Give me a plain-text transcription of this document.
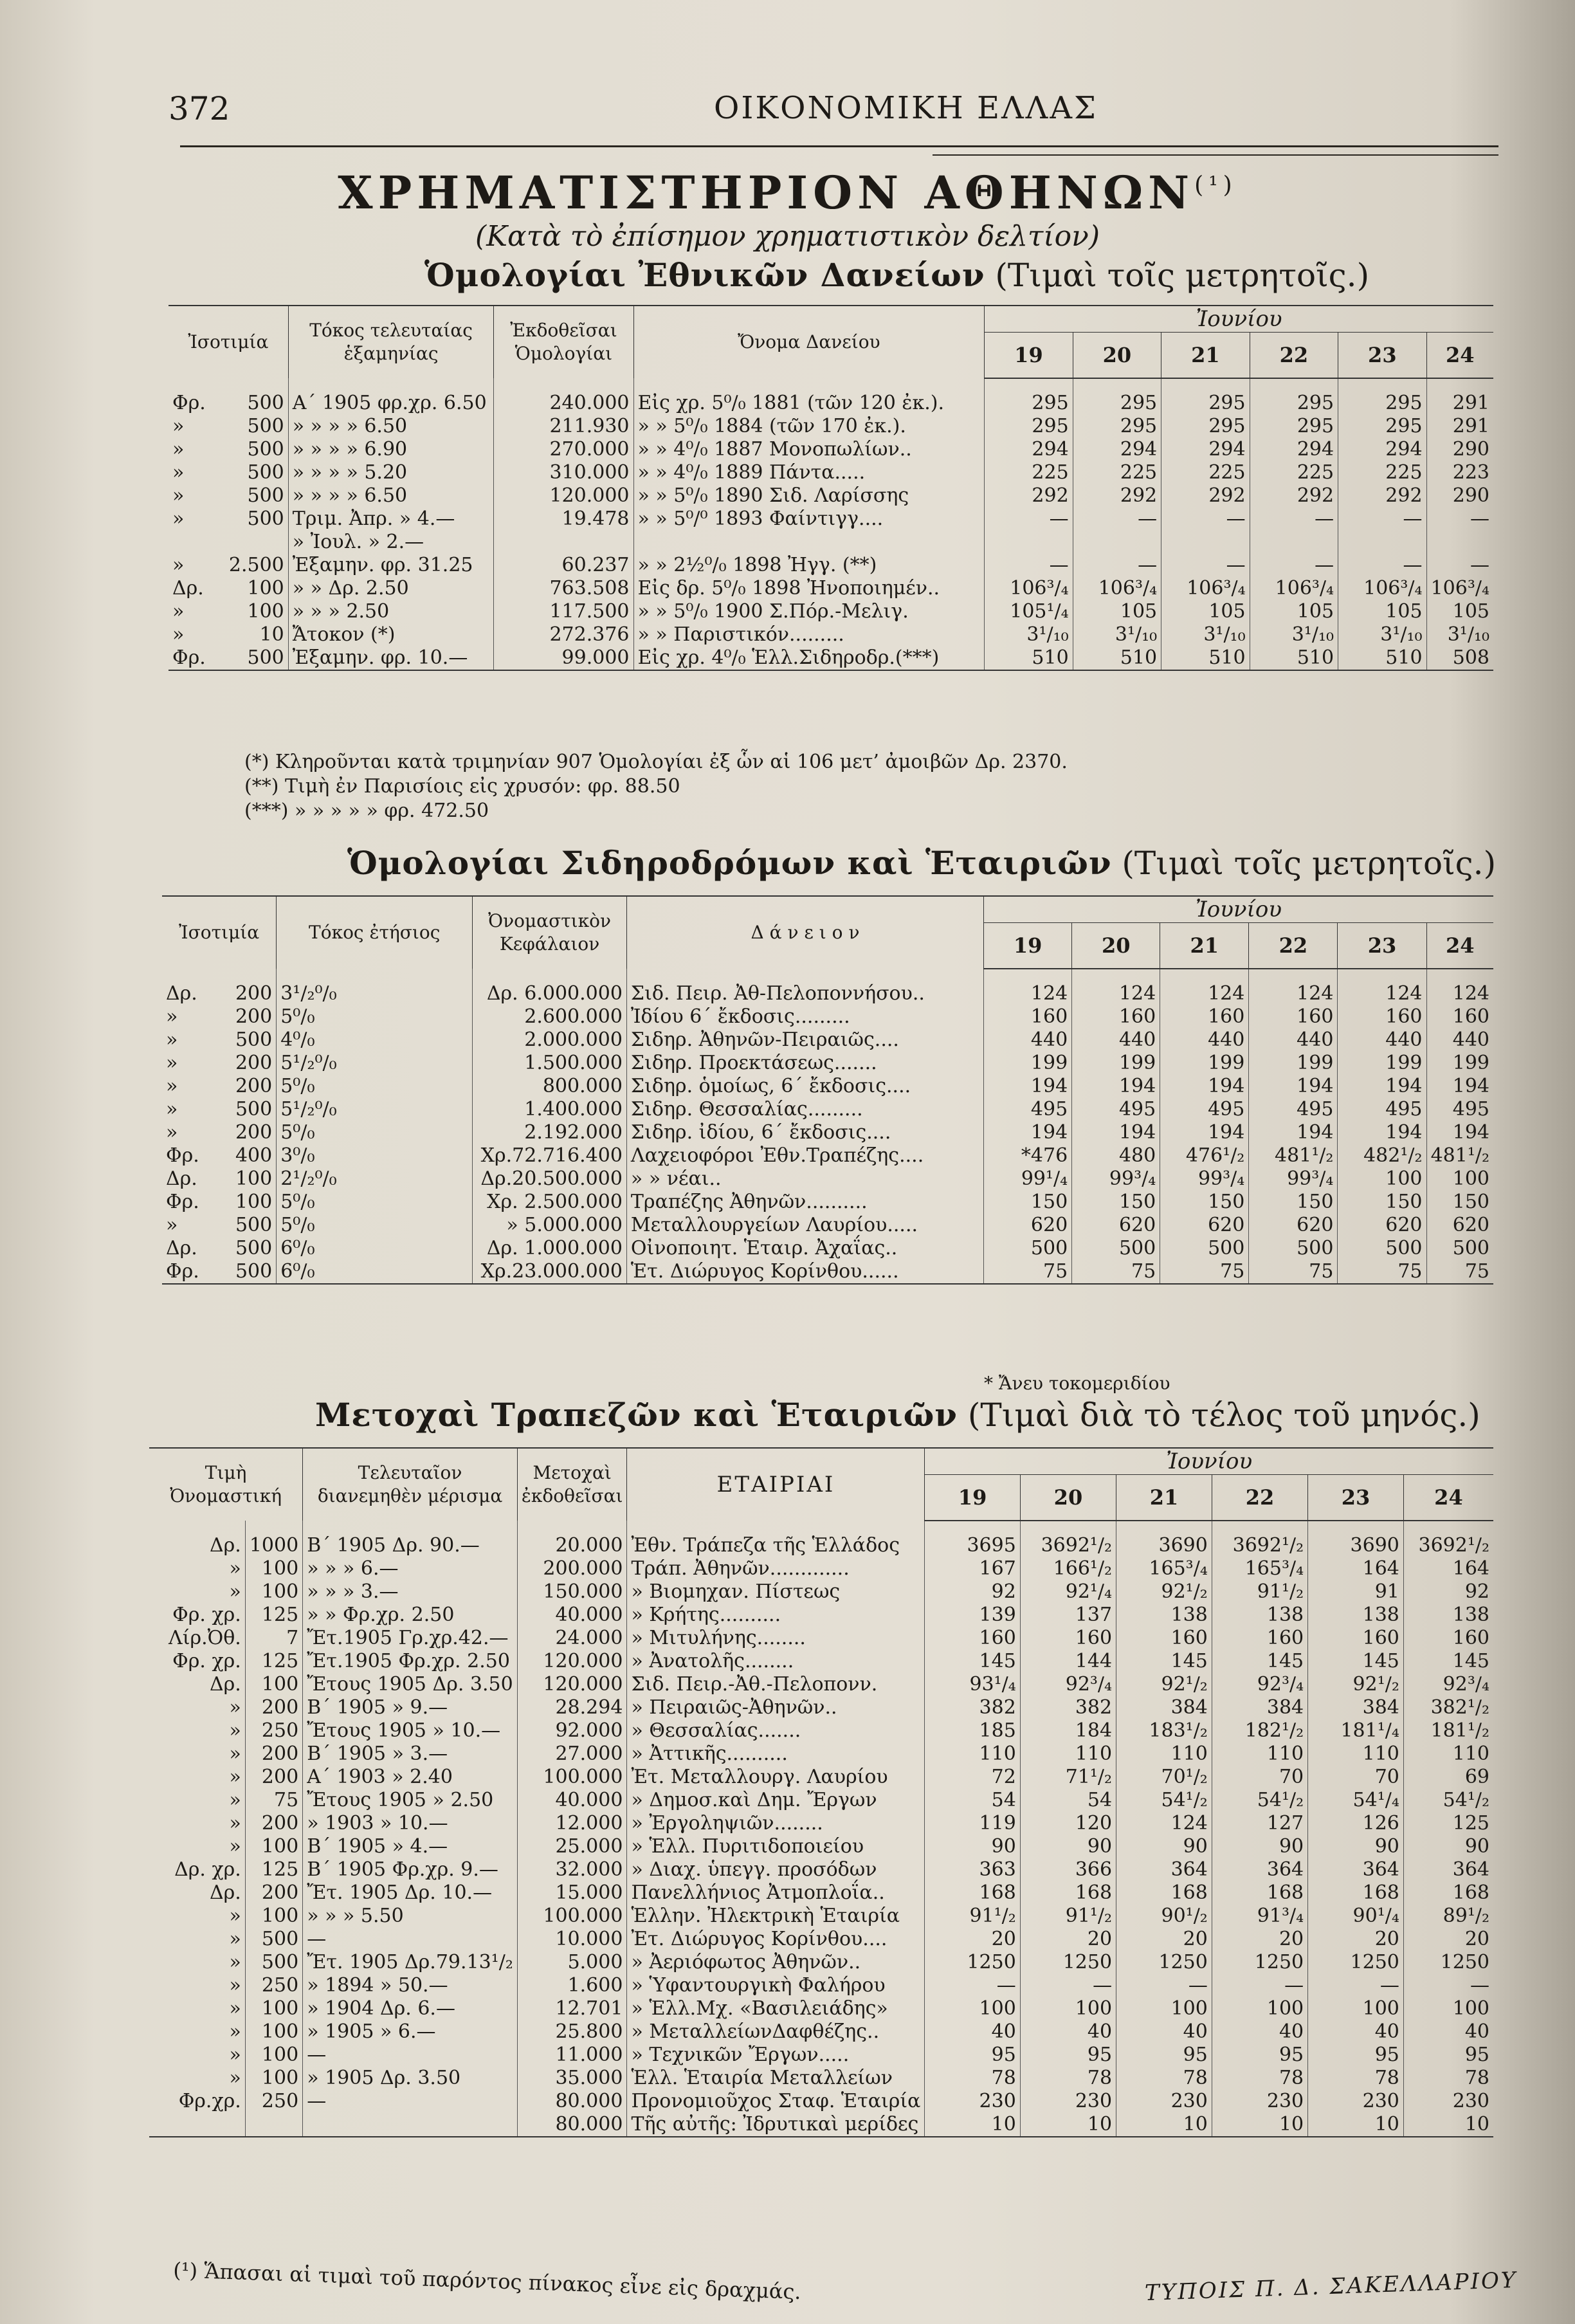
372	ΟΙΚΟΝΟΜΙΚΗ ΕΛΛΑΣ
ΧΡΗΜΑΤΙΣΤΗΡΙΟΝ $A\Theta HN\Omega N^{(^1)}$
(Κατὰ τὸ ἐπίσημον χρηματιστικὸν δελτίον)
Ὁμολογίαι Ἐθνικῶν Δανείων (Τιμαὶ τοῖς μετρητοῖς.)
Ἰσοτιμία	Τόκος τελευταίας ἑξαμηνίας	Ἐκδοθεῖσαι Ὁμολογίαι	Ὄνομα Δανείου	Ἰουνίου					
				19	20	21	22	23	24

Φρ. 500	Α΄ 1905 φρ.χρ. 6.50	240.000	Εἰς χρ. 5⁰/₀ 1881 (τῶν 120 ἐκ.).	295	295	295	295	295	291

» 500	» » » » 6.50	211.930	» » 5⁰/₀ 1884 (τῶν 170 ἐκ.).	295	295	295	295	295	291

» 500	» » » » 6.90	270.000	» » 4⁰/₀ 1887 Μονοπωλίων..	294	294	294	294	294	290

» 500	» » » » 5.20	310.000	» » 4⁰/₀ 1889 Πάντα.....	225	225	225	225	225	223

» 500	» » » » 6.50	120.000	» » 5⁰/₀ 1890 Σιδ. Λαρίσσης	292	292	292	292	292	290

» 500	Τριμ. Ἀπρ. » 4.—	19.478	» » 5⁰/⁰ 1893 Φαίντιγγ....	—	—	—	—	—	—

	» Ἰουλ. » 2.—								

» 2.500	Ἐξαμην. φρ. 31.25	60.237	» » 2½⁰/₀ 1898 Ἠγγ. (**)	—	—	—	—	—	—

Δρ. 100	» » Δρ. 2.50	763.508	Εἰς δρ. 5⁰/₀ 1898 Ἠνοποιημέν..	106³/₄	106³/₄	106³/₄	106³/₄	106³/₄	106³/₄

» 100	» » » 2.50	117.500	» » 5⁰/₀ 1900 Σ.Πόρ.-Μελιγ.	105¹/₄	105	105	105	105	105

» 10	Ἄτοκον (*)	272.376	» » Παριστικόν.........	3¹/₁₀	3¹/₁₀	3¹/₁₀	3¹/₁₀	3¹/₁₀	3¹/₁₀

Φρ. 500	Ἐξαμην. φρ. 10.—	99.000	Εἰς χρ. 4⁰/₀ Ἑλλ.Σιδηροδρ.(***)	510	510	510	510	510	508
(*) Κληροῦνται κατὰ τριμηνίαν 907 Ὁμολογίαι ἐξ ὧν αἱ 106 μετ’ ἀμοιβῶν Δρ. 2370.
(**) Τιμὴ ἐν Παρισίοις εἰς χρυσόν: φρ. 88.50
(***) » » » » » φρ. 472.50
Ὁμολογίαι Σιδηροδρόμων καὶ Ἑταιριῶν (Τιμαὶ τοῖς μετρητοῖς.)
Ἰσοτιμία	Τόκος ἐτήσιος	Ὀνομαστικὸν Κεφάλαιον	Δ ά ν ε ι ο ν	Ἰουνίου					
				19	20	21	22	23	24

Δρ. 200	3¹/₂⁰/₀	Δρ. 6.000.000	Σιδ. Πειρ. Ἀθ-Πελοποννήσου..	124	124	124	124	124	124

» 200	5⁰/₀	2.600.000	Ἰδίου 6΄ ἔκδοσις.........	160	160	160	160	160	160

» 500	4⁰/₀	2.000.000	Σιδηρ. Ἀθηνῶν-Πειραιῶς....	440	440	440	440	440	440

» 200	5¹/₂⁰/₀	1.500.000	Σιδηρ. Προεκτάσεως.......	199	199	199	199	199	199

» 200	5⁰/₀	800.000	Σιδηρ. ὁμοίως, 6΄ ἔκδοσις....	194	194	194	194	194	194

» 500	5¹/₂⁰/₀	1.400.000	Σιδηρ. Θεσσαλίας.........	495	495	495	495	495	495

» 200	5⁰/₀	2.192.000	Σιδηρ. ἰδίου, 6΄ ἔκδοσις....	194	194	194	194	194	194

Φρ. 400	3⁰/₀	Χρ.72.716.400	Λαχειοφόροι Ἐθν.Τραπέζης....	*476	480	476¹/₂	481¹/₂	482¹/₂	481¹/₂

Δρ. 100	2¹/₂⁰/₀	Δρ.20.500.000	» » νέαι..	99¹/₄	99³/₄	99³/₄	99³/₄	100	100

Φρ. 100	5⁰/₀	Χρ. 2.500.000	Τραπέζης Ἀθηνῶν..........	150	150	150	150	150	150

» 500	5⁰/₀	» 5.000.000	Μεταλλουργείων Λαυρίου.....	620	620	620	620	620	620

Δρ. 500	6⁰/₀	Δρ. 1.000.000	Οἰνοποιητ. Ἑταιρ. Ἀχαΐας..	500	500	500	500	500	500

Φρ. 500	6⁰/₀	Χρ.23.000.000	Ἑτ. Διώρυγος Κορίνθου......	75	75	75	75	75	75
* Ἄνευ τοκομεριδίου
Μετοχαὶ Τραπεζῶν καὶ Ἑταιριῶν (Τιμαὶ διὰ τὸ τέλος τοῦ μηνός.)
Τιμὴ Ὀνομαστική		Τελευταῖον διανεμηθὲν μέρισμα	Μετοχαὶ ἐκδοθεῖσαι	ΕΤΑΙΡΙΑΙ	Ἰουνίου					
					19	20	21	22	23	24

Δρ.	1000	Β΄ 1905 Δρ. 90.—	20.000	Ἐθν. Τράπεζα τῆς Ἑλλάδος	3695	3692¹/₂	3690	3692¹/₂	3690	3692¹/₂
»	100	» » » 6.—	200.000	Τράπ. Ἀθηνῶν.............	167	166¹/₂	165³/₄	165³/₄	164	164
»	100	» » » 3.—	150.000	» Βιομηχαν. Πίστεως	92	92¹/₄	92¹/₂	91¹/₂	91	92
Φρ. χρ.	125	» » Φρ.χρ. 2.50	40.000	» Κρήτης..........	139	137	138	138	138	138
Λίρ.Ὀθ.	7	Ἔτ.1905 Γρ.χρ.42.—	24.000	» Μιτυλήνης........	160	160	160	160	160	160
Φρ. χρ.	125	Ἔτ.1905 Φρ.χρ. 2.50	120.000	» Ἀνατολῆς........	145	144	145	145	145	145
Δρ.	100	Ἔτους 1905 Δρ. 3.50	120.000	Σιδ. Πειρ.-Ἀθ.-Πελοπονν.	93¹/₄	92³/₄	92¹/₂	92³/₄	92¹/₂	92³/₄
»	200	Β΄ 1905 » 9.—	28.294	» Πειραιῶς-Ἀθηνῶν..	382	382	384	384	384	382¹/₂
»	250	Ἔτους 1905 » 10.—	92.000	» Θεσσαλίας.......	185	184	183¹/₂	182¹/₂	181¹/₄	181¹/₂
»	200	Β΄ 1905 » 3.—	27.000	» Ἀττικῆς..........	110	110	110	110	110	110
»	200	Α΄ 1903 » 2.40	100.000	Ἐτ. Μεταλλουργ. Λαυρίου	72	71¹/₂	70¹/₂	70	70	69
»	75	Ἔτους 1905 » 2.50	40.000	» Δημοσ.καὶ Δημ. Ἔργων	54	54	54¹/₂	54¹/₂	54¹/₄	54¹/₂
»	200	» 1903 » 10.—	12.000	» Ἐργοληψιῶν........	119	120	124	127	126	125
»	100	Β΄ 1905 » 4.—	25.000	» Ἑλλ. Πυριτιδοποιείου	90	90	90	90	90	90
Δρ. χρ.	125	Β΄ 1905 Φρ.χρ. 9.—	32.000	» Διαχ. ὑπεγγ. προσόδων	363	366	364	364	364	364
Δρ.	200	Ἔτ. 1905 Δρ. 10.—	15.000	Πανελλήνιος Ἀτμοπλοΐα..	168	168	168	168	168	168
»	100	» » » 5.50	100.000	Ἑλλην. Ἠλεκτρικὴ Ἑταιρία	91¹/₂	91¹/₂	90¹/₂	91³/₄	90¹/₄	89¹/₂
»	500	—	10.000	Ἐτ. Διώρυγος Κορίνθου....	20	20	20	20	20	20
»	500	Ἔτ. 1905 Δρ.79.13¹/₂	5.000	» Ἀεριόφωτος Ἀθηνῶν..	1250	1250	1250	1250	1250	1250
»	250	» 1894 » 50.—	1.600	» Ὑφαντουργικὴ Φαλήρου	—	—	—	—	—	—
»	100	» 1904 Δρ. 6.—	12.701	» Ἑλλ.Μχ. «Βασιλειάδης»	100	100	100	100	100	100
»	100	» 1905 » 6.—	25.800	» ΜεταλλείωνΔαφθέζης..	40	40	40	40	40	40
»	100	—	11.000	» Τεχνικῶν Ἔργων.....	95	95	95	95	95	95
»	100	» 1905 Δρ. 3.50	35.000	Ἑλλ. Ἑταιρία Μεταλλείων	78	78	78	78	78	78
Φρ.χρ.	250	—	80.000	Προνομιοῦχος Σταφ. Ἑταιρία	230	230	230	230	230	230
			80.000	Τῆς αὐτῆς: Ἰδρυτικαὶ μερίδες	10	10	10	10	10	10
(¹) Ἅπασαι αἱ τιμαὶ τοῦ παρόντος πίνακος εἶνε εἰς δραχμάς.	ΤΥΠΟΙΣ Π. Δ. ΣΑΚΕΛΛΑΡΙΟΥ
